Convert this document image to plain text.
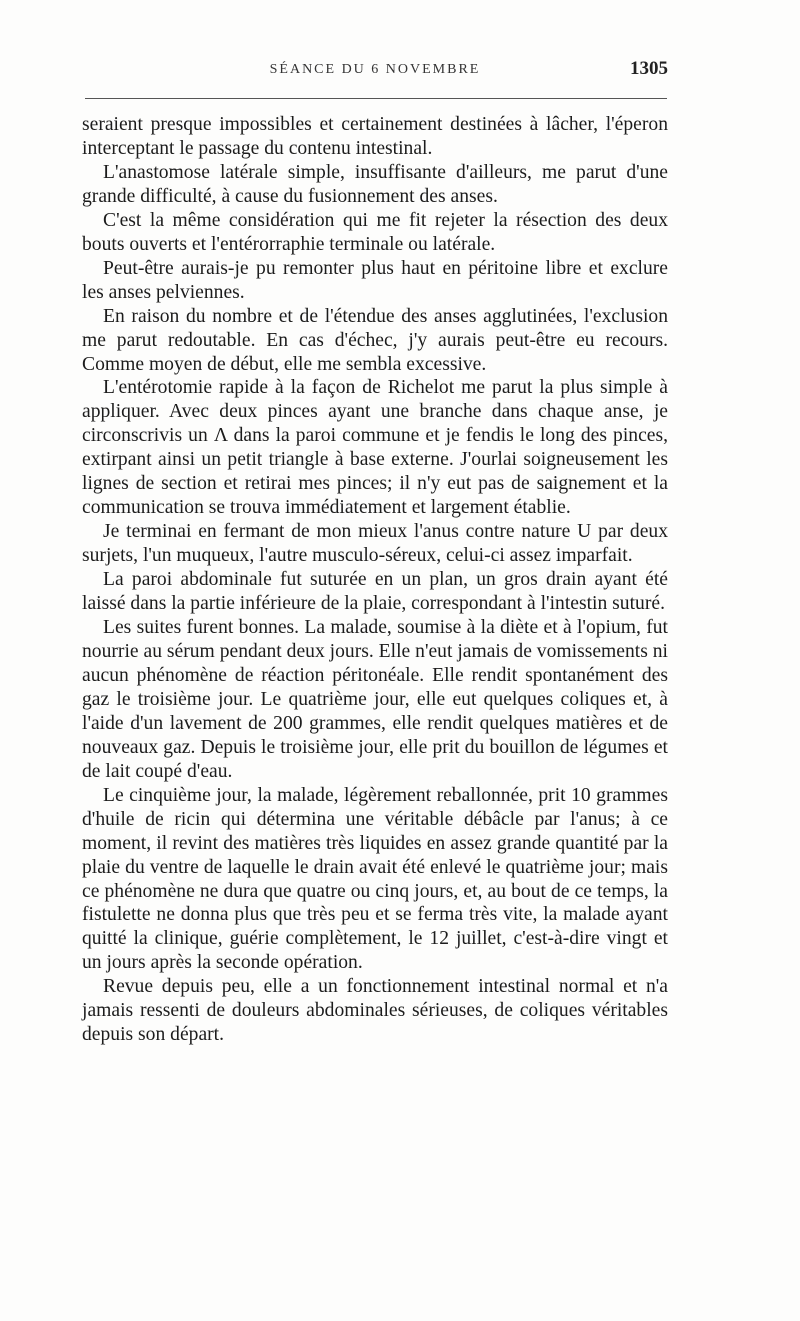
SÉANCE DU 6 NOVEMBRE	1305

seraient presque impossibles et certainement destinées à lâcher, l'éperon interceptant le passage du contenu intestinal.

L'anastomose latérale simple, insuffisante d'ailleurs, me parut d'une grande difficulté, à cause du fusionnement des anses.

C'est la même considération qui me fit rejeter la résection des deux bouts ouverts et l'entérorraphie terminale ou latérale.

Peut-être aurais-je pu remonter plus haut en péritoine libre et exclure les anses pelviennes.

En raison du nombre et de l'étendue des anses agglutinées, l'exclusion me parut redoutable. En cas d'échec, j'y aurais peut-être eu recours. Comme moyen de début, elle me sembla excessive.

L'entérotomie rapide à la façon de Richelot me parut la plus simple à appliquer. Avec deux pinces ayant une branche dans chaque anse, je circonscrivis un Λ dans la paroi commune et je fendis le long des pinces, extirpant ainsi un petit triangle à base externe. J'ourlai soigneusement les lignes de section et retirai mes pinces; il n'y eut pas de saignement et la communication se trouva immédiatement et largement établie.

Je terminai en fermant de mon mieux l'anus contre nature U par deux surjets, l'un muqueux, l'autre musculo-séreux, celui-ci assez imparfait.

La paroi abdominale fut suturée en un plan, un gros drain ayant été laissé dans la partie inférieure de la plaie, correspondant à l'intestin suturé.

Les suites furent bonnes. La malade, soumise à la diète et à l'opium, fut nourrie au sérum pendant deux jours. Elle n'eut jamais de vomissements ni aucun phénomène de réaction péritonéale. Elle rendit spontanément des gaz le troisième jour. Le quatrième jour, elle eut quelques coliques et, à l'aide d'un lavement de 200 grammes, elle rendit quelques matières et de nouveaux gaz. Depuis le troisième jour, elle prit du bouillon de légumes et de lait coupé d'eau.

Le cinquième jour, la malade, légèrement reballonnée, prit 10 grammes d'huile de ricin qui détermina une véritable débâcle par l'anus; à ce moment, il revint des matières très liquides en assez grande quantité par la plaie du ventre de laquelle le drain avait été enlevé le quatrième jour; mais ce phénomène ne dura que quatre ou cinq jours, et, au bout de ce temps, la fistulette ne donna plus que très peu et se ferma très vite, la malade ayant quitté la clinique, guérie complètement, le 12 juillet, c'est-à-dire vingt et un jours après la seconde opération.

Revue depuis peu, elle a un fonctionnement intestinal normal et n'a jamais ressenti de douleurs abdominales sérieuses, de coliques véritables depuis son départ.
